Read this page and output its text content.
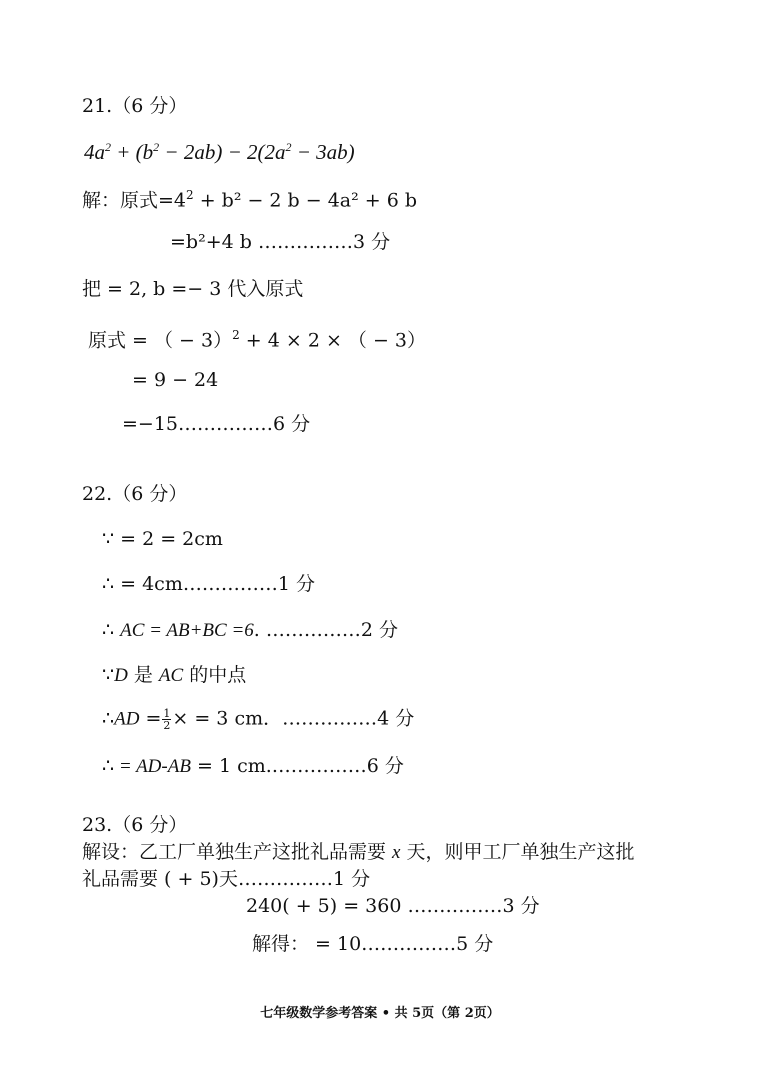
21.（6 分）
$4a^2 + (b^2 - 2ab) - 2(2a^2 - 3ab)$
解：原式$=4^2 + b^2 - 2$ b − 4a² + 6 b
=b²+4 b ……………3 分
把 = 2, b =− 3 代入原式
原式 = （ − 3）$^2$ + 4 × 2 × （ − 3）
= 9 − 24
=−15……………6 分
22.（6 分）
∵ = 2 = 2cm
∴ = 4cm……………1 分
∴ AC = AB+BC =6. ……………2 分
∵D 是 AC 的中点
∴AD = $\frac{1}{2}$ × = 3 cm．……………4 分
∴ = AD-AB = 1 cm.……………6 分
23.（6 分）
解设：乙工厂单独生产这批礼品需要 x 天，则甲工厂单独生产这批
礼品需要 ( + 5)天……………1 分
240( + 5) = 360 ……………3 分
解得： = 10……………5 分
七年级数学参考答案 • 共 5页（第 2页）
